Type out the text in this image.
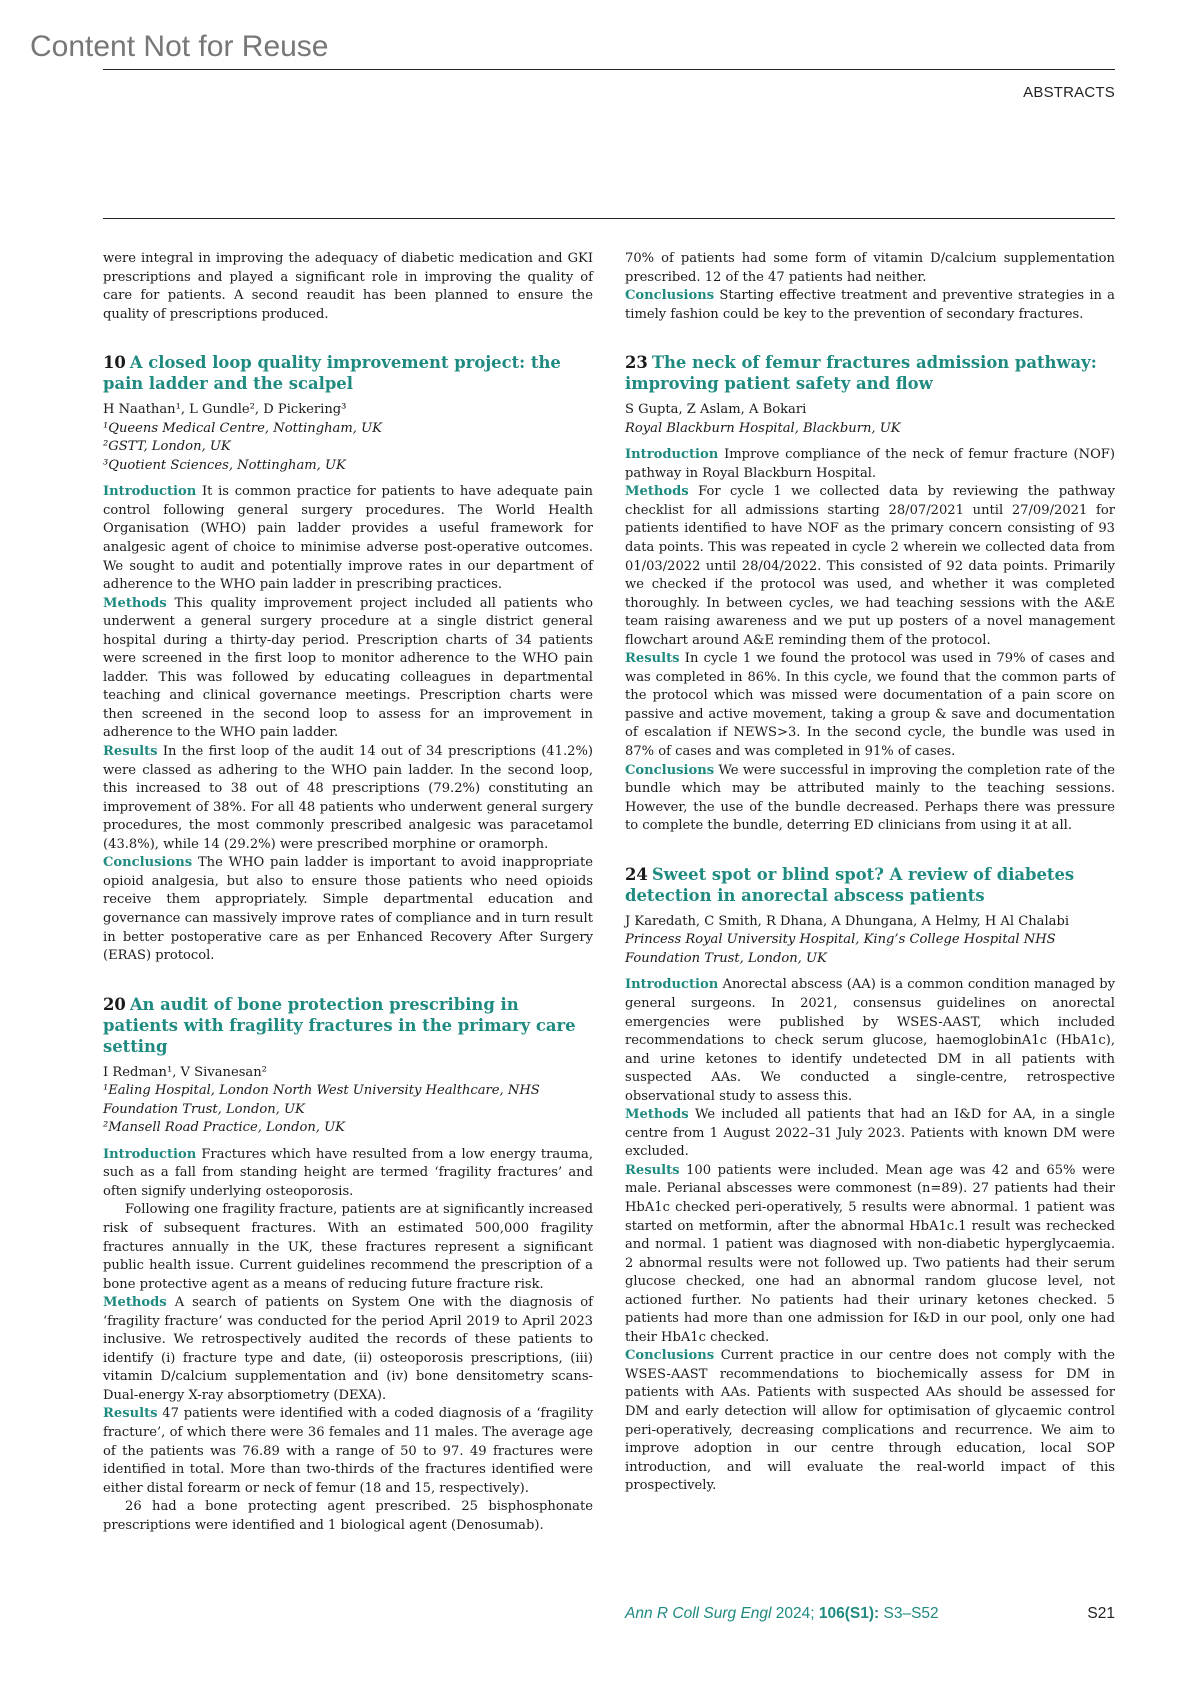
Content Not for Reuse
ABSTRACTS

were integral in improving the adequacy of diabetic medication and GKI prescriptions and played a significant role in improving the quality of care for patients. A second reaudit has been planned to ensure the quality of prescriptions produced.

10 A closed loop quality improvement project: the pain ladder and the scalpel
H Naathan¹, L Gundle², D Pickering³
¹Queens Medical Centre, Nottingham, UK
²GSTT, London, UK
³Quotient Sciences, Nottingham, UK

Introduction It is common practice for patients to have adequate pain control following general surgery procedures. The World Health Organisation (WHO) pain ladder provides a useful framework for analgesic agent of choice to minimise adverse post-operative outcomes. We sought to audit and potentially improve rates in our department of adherence to the WHO pain ladder in prescribing practices.

Methods This quality improvement project included all patients who underwent a general surgery procedure at a single district general hospital during a thirty-day period. Prescription charts of 34 patients were screened in the first loop to monitor adherence to the WHO pain ladder. This was followed by educating colleagues in departmental teaching and clinical governance meetings. Prescription charts were then screened in the second loop to assess for an improvement in adherence to the WHO pain ladder.

Results In the first loop of the audit 14 out of 34 prescriptions (41.2%) were classed as adhering to the WHO pain ladder. In the second loop, this increased to 38 out of 48 prescriptions (79.2%) constituting an improvement of 38%. For all 48 patients who underwent general surgery procedures, the most commonly prescribed analgesic was paracetamol (43.8%), while 14 (29.2%) were prescribed morphine or oramorph.

Conclusions The WHO pain ladder is important to avoid inappropriate opioid analgesia, but also to ensure those patients who need opioids receive them appropriately. Simple departmental education and governance can massively improve rates of compliance and in turn result in better postoperative care as per Enhanced Recovery After Surgery (ERAS) protocol.

20 An audit of bone protection prescribing in patients with fragility fractures in the primary care setting
I Redman¹, V Sivanesan²
¹Ealing Hospital, London North West University Healthcare, NHS Foundation Trust, London, UK
²Mansell Road Practice, London, UK

Introduction Fractures which have resulted from a low energy trauma, such as a fall from standing height are termed ‘fragility fractures’ and often signify underlying osteoporosis.

Following one fragility fracture, patients are at significantly increased risk of subsequent fractures. With an estimated 500,000 fragility fractures annually in the UK, these fractures represent a significant public health issue. Current guidelines recommend the prescription of a bone protective agent as a means of reducing future fracture risk.

Methods A search of patients on System One with the diagnosis of ‘fragility fracture’ was conducted for the period April 2019 to April 2023 inclusive. We retrospectively audited the records of these patients to identify (i) fracture type and date, (ii) osteoporosis prescriptions, (iii) vitamin D/calcium supplementation and (iv) bone densitometry scans- Dual-energy X-ray absorptiometry (DEXA).

Results 47 patients were identified with a coded diagnosis of a ‘fragility fracture’, of which there were 36 females and 11 males. The average age of the patients was 76.89 with a range of 50 to 97. 49 fractures were identified in total. More than two-thirds of the fractures identified were either distal forearm or neck of femur (18 and 15, respectively).

26 had a bone protecting agent prescribed. 25 bisphosphonate prescriptions were identified and 1 biological agent (Denosumab).

70% of patients had some form of vitamin D/calcium supplementation prescribed. 12 of the 47 patients had neither.

Conclusions Starting effective treatment and preventive strategies in a timely fashion could be key to the prevention of secondary fractures.

23 The neck of femur fractures admission pathway: improving patient safety and flow
S Gupta, Z Aslam, A Bokari
Royal Blackburn Hospital, Blackburn, UK

Introduction Improve compliance of the neck of femur fracture (NOF) pathway in Royal Blackburn Hospital.

Methods For cycle 1 we collected data by reviewing the pathway checklist for all admissions starting 28/07/2021 until 27/09/2021 for patients identified to have NOF as the primary concern consisting of 93 data points. This was repeated in cycle 2 wherein we collected data from 01/03/2022 until 28/04/2022. This consisted of 92 data points. Primarily we checked if the protocol was used, and whether it was completed thoroughly. In between cycles, we had teaching sessions with the A&E team raising awareness and we put up posters of a novel management flowchart around A&E reminding them of the protocol.

Results In cycle 1 we found the protocol was used in 79% of cases and was completed in 86%. In this cycle, we found that the common parts of the protocol which was missed were documentation of a pain score on passive and active movement, taking a group & save and documentation of escalation if NEWS>3. In the second cycle, the bundle was used in 87% of cases and was completed in 91% of cases.

Conclusions We were successful in improving the completion rate of the bundle which may be attributed mainly to the teaching sessions. However, the use of the bundle decreased. Perhaps there was pressure to complete the bundle, deterring ED clinicians from using it at all.

24 Sweet spot or blind spot? A review of diabetes detection in anorectal abscess patients
J Karedath, C Smith, R Dhana, A Dhungana, A Helmy, H Al Chalabi
Princess Royal University Hospital, King’s College Hospital NHS Foundation Trust, London, UK

Introduction Anorectal abscess (AA) is a common condition managed by general surgeons. In 2021, consensus guidelines on anorectal emergencies were published by WSES-AAST, which included recommendations to check serum glucose, haemoglobinA1c (HbA1c), and urine ketones to identify undetected DM in all patients with suspected AAs. We conducted a single-centre, retrospective observational study to assess this.

Methods We included all patients that had an I&D for AA, in a single centre from 1 August 2022–31 July 2023. Patients with known DM were excluded.

Results 100 patients were included. Mean age was 42 and 65% were male. Perianal abscesses were commonest (n=89). 27 patients had their HbA1c checked peri-operatively, 5 results were abnormal. 1 patient was started on metformin, after the abnormal HbA1c.1 result was rechecked and normal. 1 patient was diagnosed with non-diabetic hyperglycaemia. 2 abnormal results were not followed up. Two patients had their serum glucose checked, one had an abnormal random glucose level, not actioned further. No patients had their urinary ketones checked. 5 patients had more than one admission for I&D in our pool, only one had their HbA1c checked.

Conclusions Current practice in our centre does not comply with the WSES-AAST recommendations to biochemically assess for DM in patients with AAs. Patients with suspected AAs should be assessed for DM and early detection will allow for optimisation of glycaemic control peri-operatively, decreasing complications and recurrence. We aim to improve adoption in our centre through education, local SOP introduction, and will evaluate the real-world impact of this prospectively.

Ann R Coll Surg Engl 2024; 106(S1): S3–S52	S21
